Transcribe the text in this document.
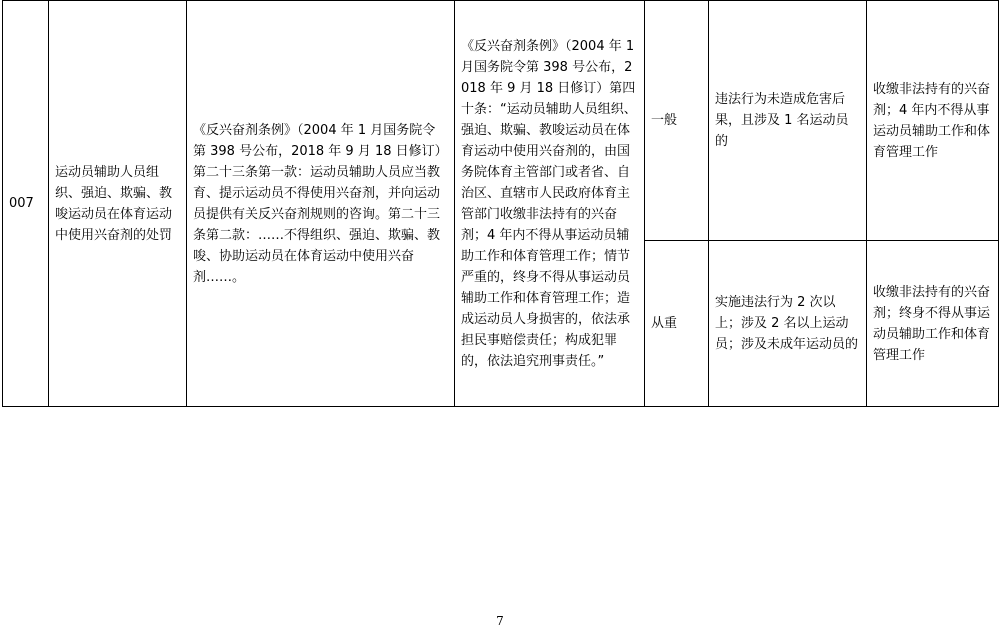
007	运动员辅助人员组织、强迫、欺骗、教唆运动员在体育运动中使用兴奋剂的处罚	《反兴奋剂条例》（2004 年 1 月国务院令第 398 号公布，2018 年 9 月 18 日修订）第二十三条第一款：运动员辅助人员应当教育、提示运动员不得使用兴奋剂，并向运动员提供有关反兴奋剂规则的咨询。第二十三条第二款：……不得组织、强迫、欺骗、教唆、协助运动员在体育运动中使用兴奋剂……。	《反兴奋剂条例》（2004 年 1 月国务院令第 398 号公布，2018 年 9 月 18 日修订）第四十条：“运动员辅助人员组织、强迫、欺骗、教唆运动员在体育运动中使用兴奋剂的，由国务院体育主管部门或者省、自治区、直辖市人民政府体育主管部门收缴非法持有的兴奋剂；4 年内不得从事运动员辅助工作和体育管理工作；情节严重的，终身不得从事运动员辅助工作和体育管理工作；造成运动员人身损害的，依法承担民事赔偿责任；构成犯罪的，依法追究刑事责任。”	一般	违法行为未造成危害后果，且涉及 1 名运动员的	收缴非法持有的兴奋剂；4 年内不得从事运动员辅助工作和体育管理工作
				从重	实施违法行为 2 次以上；涉及 2 名以上运动员；涉及未成年运动员的	收缴非法持有的兴奋剂；终身不得从事运动员辅助工作和体育管理工作
7
